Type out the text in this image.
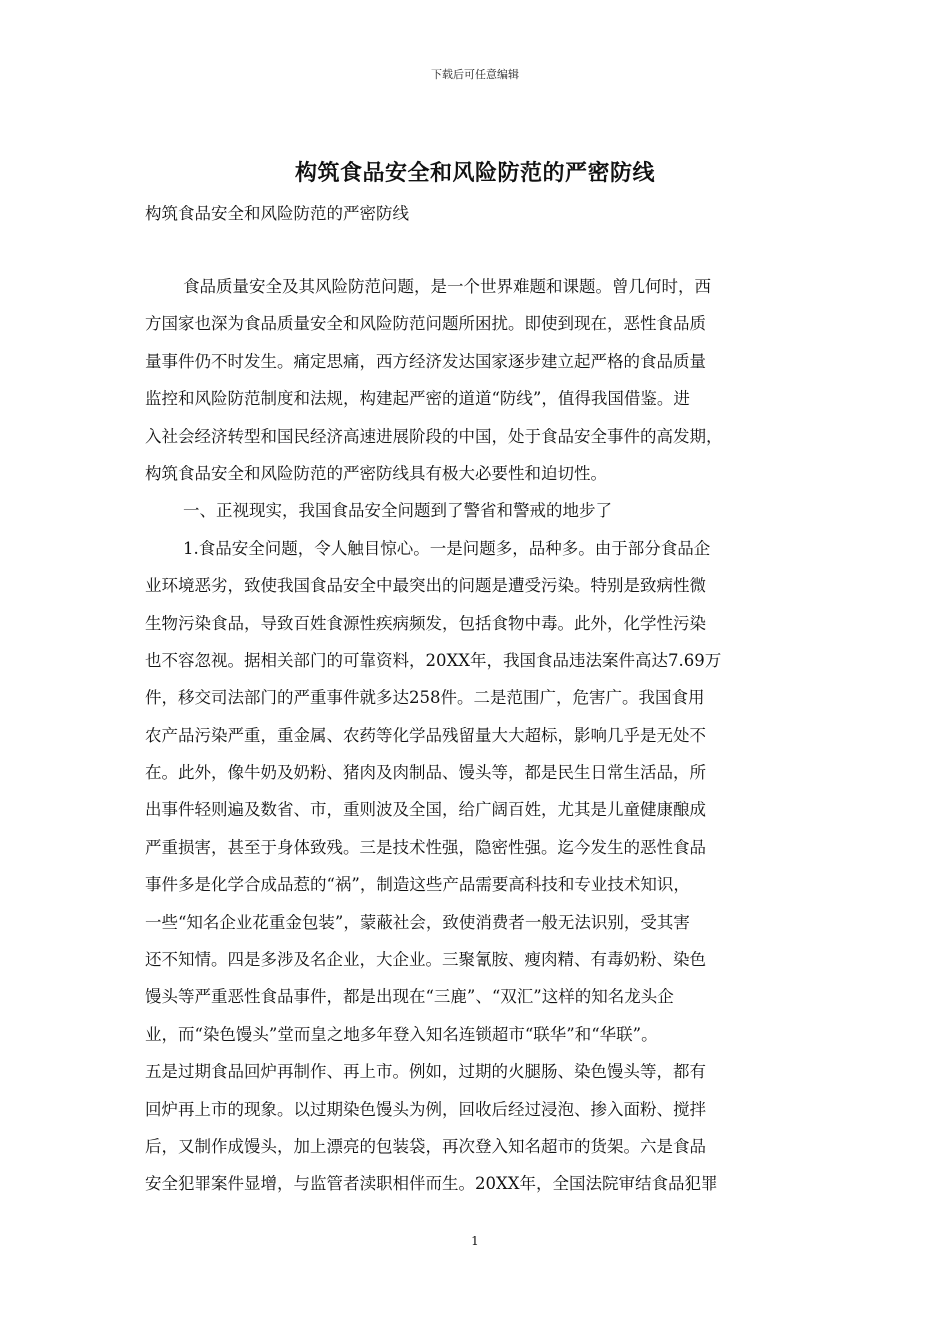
下载后可任意编辑
构筑食品安全和风险防范的严密防线
构筑食品安全和风险防范的严密防线
食品质量安全及其风险防范问题，是一个世界难题和课题。曾几何时，西
方国家也深为食品质量安全和风险防范问题所困扰。即使到现在，恶性食品质
量事件仍不时发生。痛定思痛，西方经济发达国家逐步建立起严格的食品质量
监控和风险防范制度和法规，构建起严密的道道“防线”，值得我国借鉴。进
入社会经济转型和国民经济高速进展阶段的中国，处于食品安全事件的高发期，
构筑食品安全和风险防范的严密防线具有极大必要性和迫切性。
一、正视现实，我国食品安全问题到了警省和警戒的地步了
1.食品安全问题，令人触目惊心。一是问题多，品种多。由于部分食品企
业环境恶劣，致使我国食品安全中最突出的问题是遭受污染。特别是致病性微
生物污染食品，导致百姓食源性疾病频发，包括食物中毒。此外，化学性污染
也不容忽视。据相关部门的可靠资料，20XX年，我国食品违法案件高达7.69万
件，移交司法部门的严重事件就多达258件。二是范围广，危害广。我国食用
农产品污染严重，重金属、农药等化学品残留量大大超标，影响几乎是无处不
在。此外，像牛奶及奶粉、猪肉及肉制品、馒头等，都是民生日常生活品，所
出事件轻则遍及数省、市，重则波及全国，给广阔百姓，尤其是儿童健康酿成
严重损害，甚至于身体致残。三是技术性强，隐密性强。迄今发生的恶性食品
事件多是化学合成品惹的“祸”，制造这些产品需要高科技和专业技术知识，
一些“知名企业花重金包装”，蒙蔽社会，致使消费者一般无法识别，受其害
还不知情。四是多涉及名企业，大企业。三聚氰胺、瘦肉精、有毒奶粉、染色
馒头等严重恶性食品事件，都是出现在“三鹿”、“双汇”这样的知名龙头企
业，而“染色馒头”堂而皇之地多年登入知名连锁超市“联华”和“华联”。
五是过期食品回炉再制作、再上市。例如，过期的火腿肠、染色馒头等，都有
回炉再上市的现象。以过期染色馒头为例，回收后经过浸泡、掺入面粉、搅拌
后，又制作成馒头，加上漂亮的包装袋，再次登入知名超市的货架。六是食品
安全犯罪案件显增，与监管者渎职相伴而生。20XX年，全国法院审结食品犯罪
1
